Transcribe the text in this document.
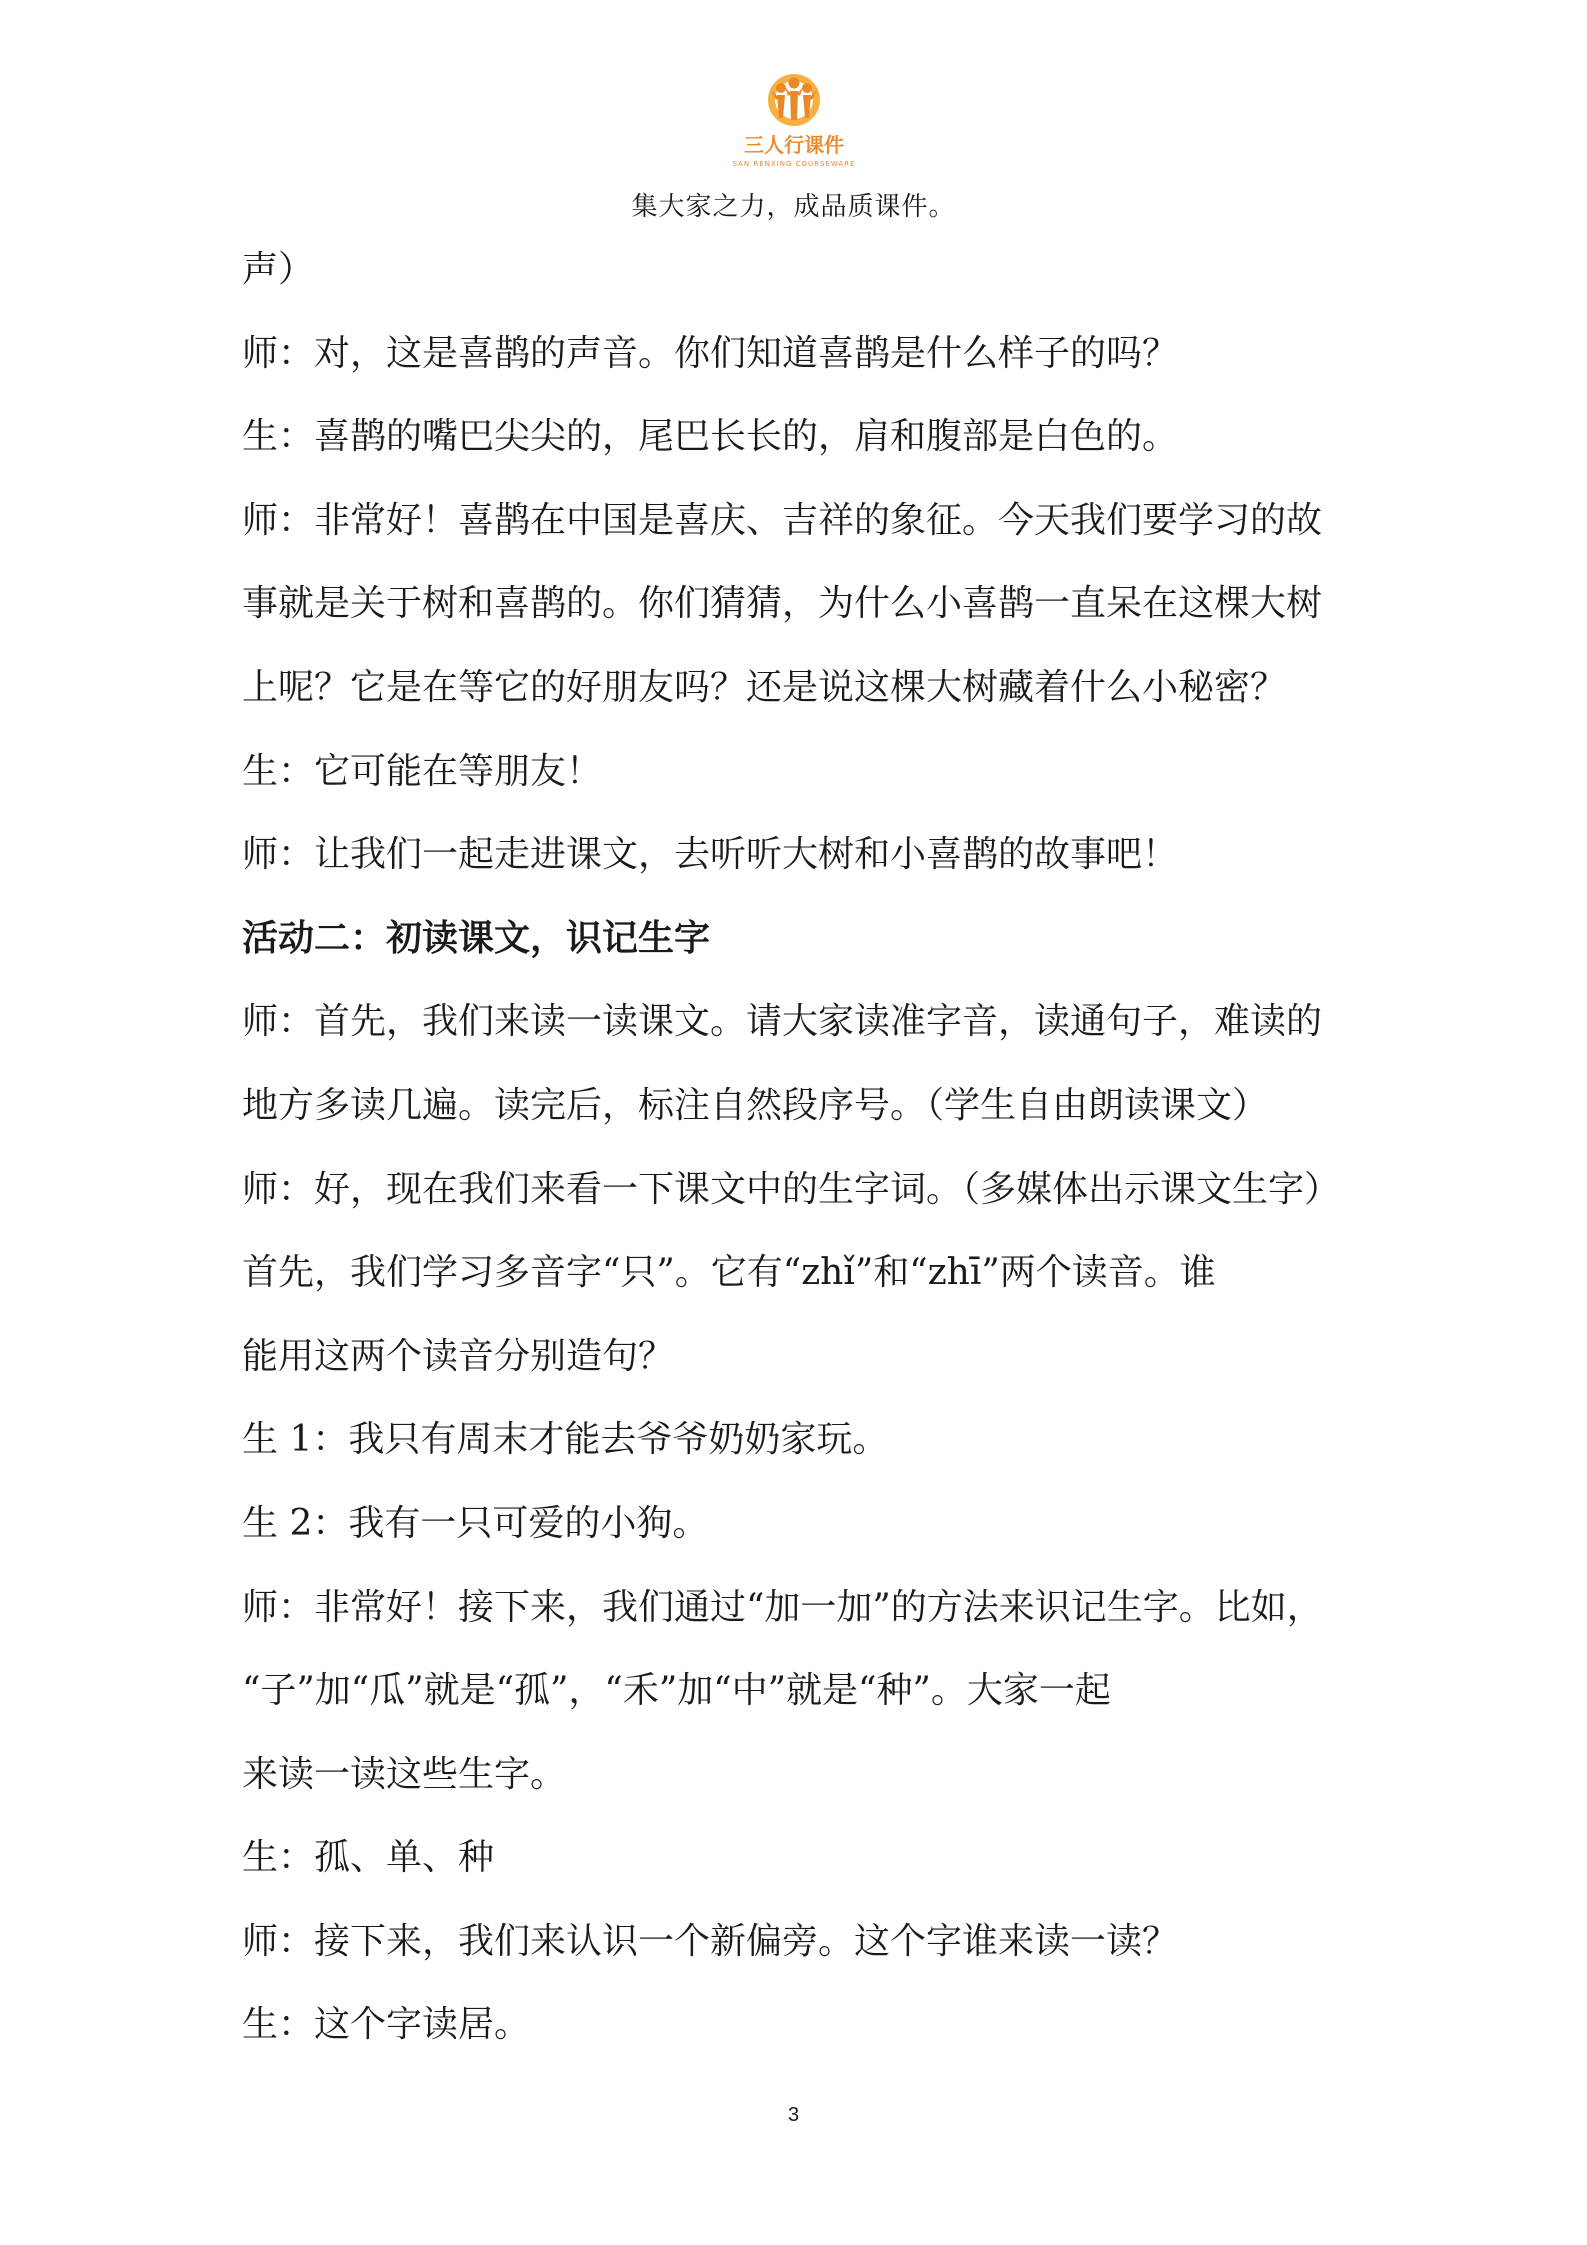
三人行课件
SAN RENXING COURSEWARE
集大家之力，成品质课件。
声）
师：对，这是喜鹊的声音。你们知道喜鹊是什么样子的吗？
生：喜鹊的嘴巴尖尖的，尾巴长长的，肩和腹部是白色的。
师：非常好！喜鹊在中国是喜庆、吉祥的象征。今天我们要学习的故
事就是关于树和喜鹊的。你们猜猜，为什么小喜鹊一直呆在这棵大树
上呢？它是在等它的好朋友吗？还是说这棵大树藏着什么小秘密？
生：它可能在等朋友！
师：让我们一起走进课文，去听听大树和小喜鹊的故事吧！
活动二：初读课文，识记生字
师：首先，我们来读一读课文。请大家读准字音，读通句子，难读的
地方多读几遍。读完后，标注自然段序号。（学生自由朗读课文）
师：好，现在我们来看一下课文中的生字词。（多媒体出示课文生字）
首先，我们学习多音字“只”。它有“zhǐ”和“zhī”两个读音。谁
能用这两个读音分别造句？
生 1：我只有周末才能去爷爷奶奶家玩。
生 2：我有一只可爱的小狗。
师：非常好！接下来，我们通过“加一加”的方法来识记生字。比如，
“子”加“瓜”就是“孤”，“禾”加“中”就是“种”。大家一起
来读一读这些生字。
生：孤、单、种
师：接下来，我们来认识一个新偏旁。这个字谁来读一读？
生：这个字读居。
3
